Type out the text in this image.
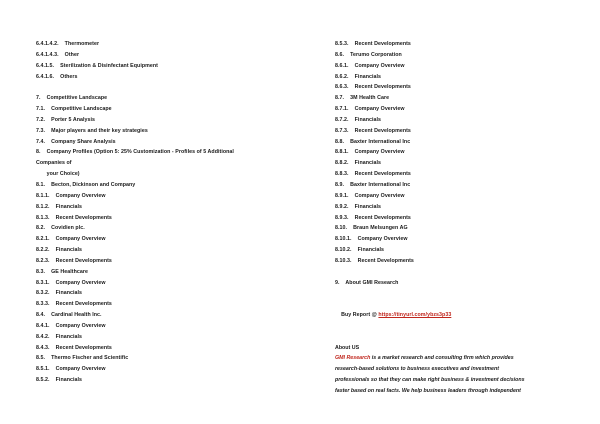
6.4.1.4.2.    Thermometer
6.4.1.4.3.    Other
6.4.1.5.    Sterilization & Disinfectant Equipment
6.4.1.6.    Others
7.    Competitive Landscape
7.1.    Competitive Landscape
7.2.    Porter 5 Analysis
7.3.    Major players and their key strategies
7.4.    Company Share Analysis
8.    Company Profiles (Option 5: 25% Customization - Profiles of 5 Additional
Companies of
your Choice)
8.1.    Becton, Dickinson and Company
8.1.1.    Company Overview
8.1.2.    Financials
8.1.3.    Recent Developments
8.2.    Covidien plc.
8.2.1.    Company Overview
8.2.2.    Financials
8.2.3.    Recent Developments
8.3.    GE Healthcare
8.3.1.    Company Overview
8.3.2.    Financials
8.3.3.    Recent Developments
8.4.    Cardinal Health Inc.
8.4.1.    Company Overview
8.4.2.    Financials
8.4.3.    Recent Developments
8.5.    Thermo Fischer and Scientific
8.5.1.    Company Overview
8.5.2.    Financials
8.5.3.    Recent Developments
8.6.    Terumo Corporation
8.6.1.    Company Overview
8.6.2.    Financials
8.6.3.    Recent Developments
8.7.    3M Health Care
8.7.1.    Company Overview
8.7.2.    Financials
8.7.3.    Recent Developments
8.8.    Baxter International Inc
8.8.1.    Company Overview
8.8.2.    Financials
8.8.3.    Recent Developments
8.9.    Baxter International Inc
8.9.1.    Company Overview
8.9.2.    Financials
8.9.3.    Recent Developments
8.10.    Braun Melsungen AG
8.10.1.    Company Overview
8.10.2.    Financials
8.10.3.    Recent Developments
9.    About GMI Research

Buy Report @ https://tinyurl.com/ybzs3p33

About US
GMI Research is a market research and consulting firm which provides
research-based solutions to business executives and investment
professionals so that they can make right business & investment decisions
faster based on real facts. We help business leaders through independent
